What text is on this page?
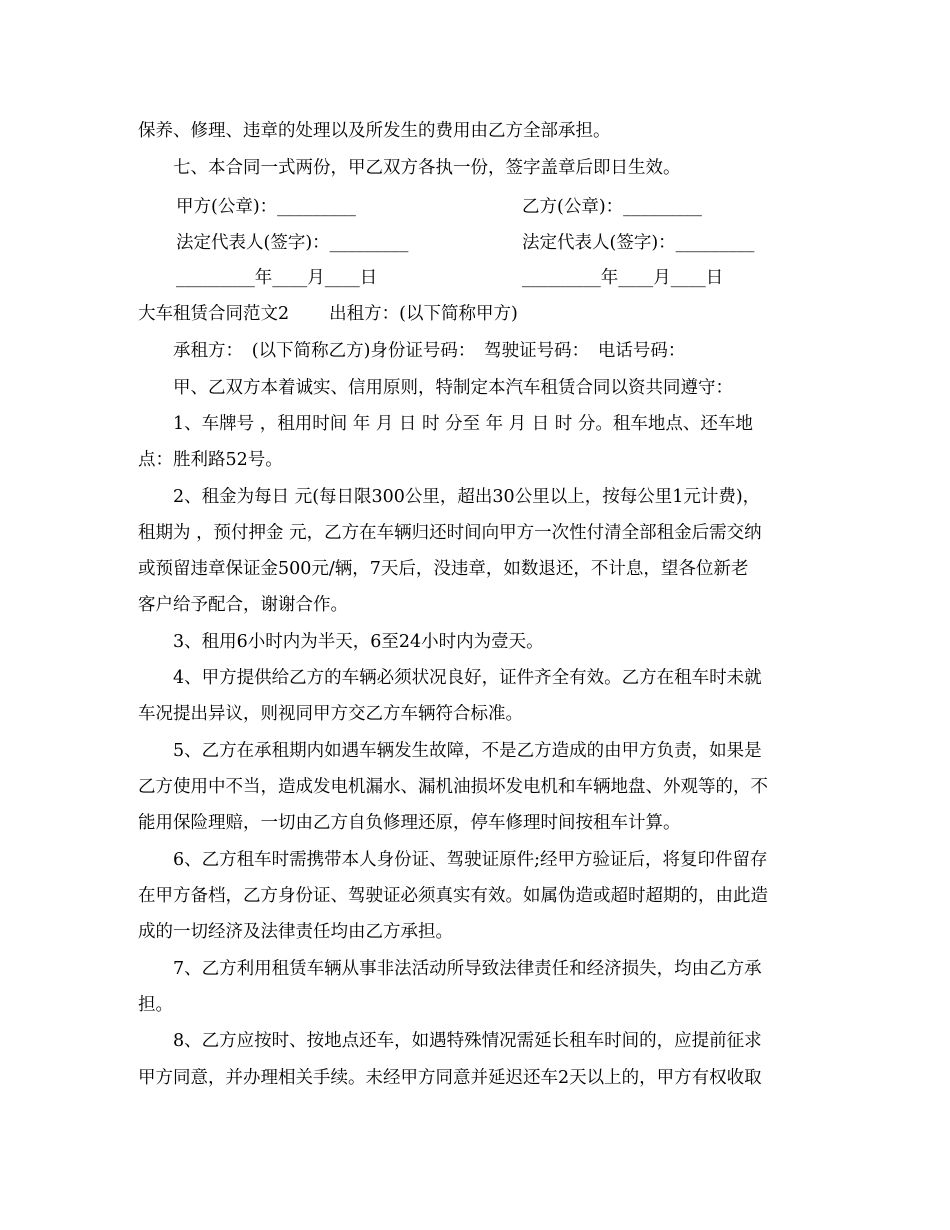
保养、修理、违章的处理以及所发生的费用由乙方全部承担。
　　七、本合同一式两份，甲乙双方各执一份，签字盖章后即日生效。
甲方(公章)：_________	乙方(公章)：_________
法定代表人(签字)：_________	法定代表人(签字)：_________
_________年____月____日	_________年____月____日
大车租赁合同范文2 出租方：(以下简称甲方)
　　承租方：　(以下简称乙方)身份证号码：　驾驶证号码：　电话号码：
　　甲、乙双方本着诚实、信用原则，特制定本汽车租赁合同以资共同遵守：
　　1、车牌号 ，租用时间 年 月 日 时 分至 年 月 日 时 分。租车地点、还车地
点：胜利路52号。
　　2、租金为每日 元(每日限300公里，超出30公里以上，按每公里1元计费)，
租期为 ，预付押金 元，乙方在车辆归还时间向甲方一次性付清全部租金后需交纳
或预留违章保证金500元/辆，7天后，没违章，如数退还，不计息，望各位新老
客户给予配合，谢谢合作。
　　3、租用6小时内为半天，6至24小时内为壹天。
　　4、甲方提供给乙方的车辆必须状况良好，证件齐全有效。乙方在租车时未就
车况提出异议，则视同甲方交乙方车辆符合标准。
　　5、乙方在承租期内如遇车辆发生故障，不是乙方造成的由甲方负责，如果是
乙方使用中不当，造成发电机漏水、漏机油损坏发电机和车辆地盘、外观等的，不
能用保险理赔，一切由乙方自负修理还原，停车修理时间按租车计算。
　　6、乙方租车时需携带本人身份证、驾驶证原件;经甲方验证后，将复印件留存
在甲方备档，乙方身份证、驾驶证必须真实有效。如属伪造或超时超期的，由此造
成的一切经济及法律责任均由乙方承担。
　　7、乙方利用租赁车辆从事非法活动所导致法律责任和经济损失，均由乙方承
担。
　　8、乙方应按时、按地点还车，如遇特殊情况需延长租车时间的，应提前征求
甲方同意，并办理相关手续。未经甲方同意并延迟还车2天以上的，甲方有权收取
